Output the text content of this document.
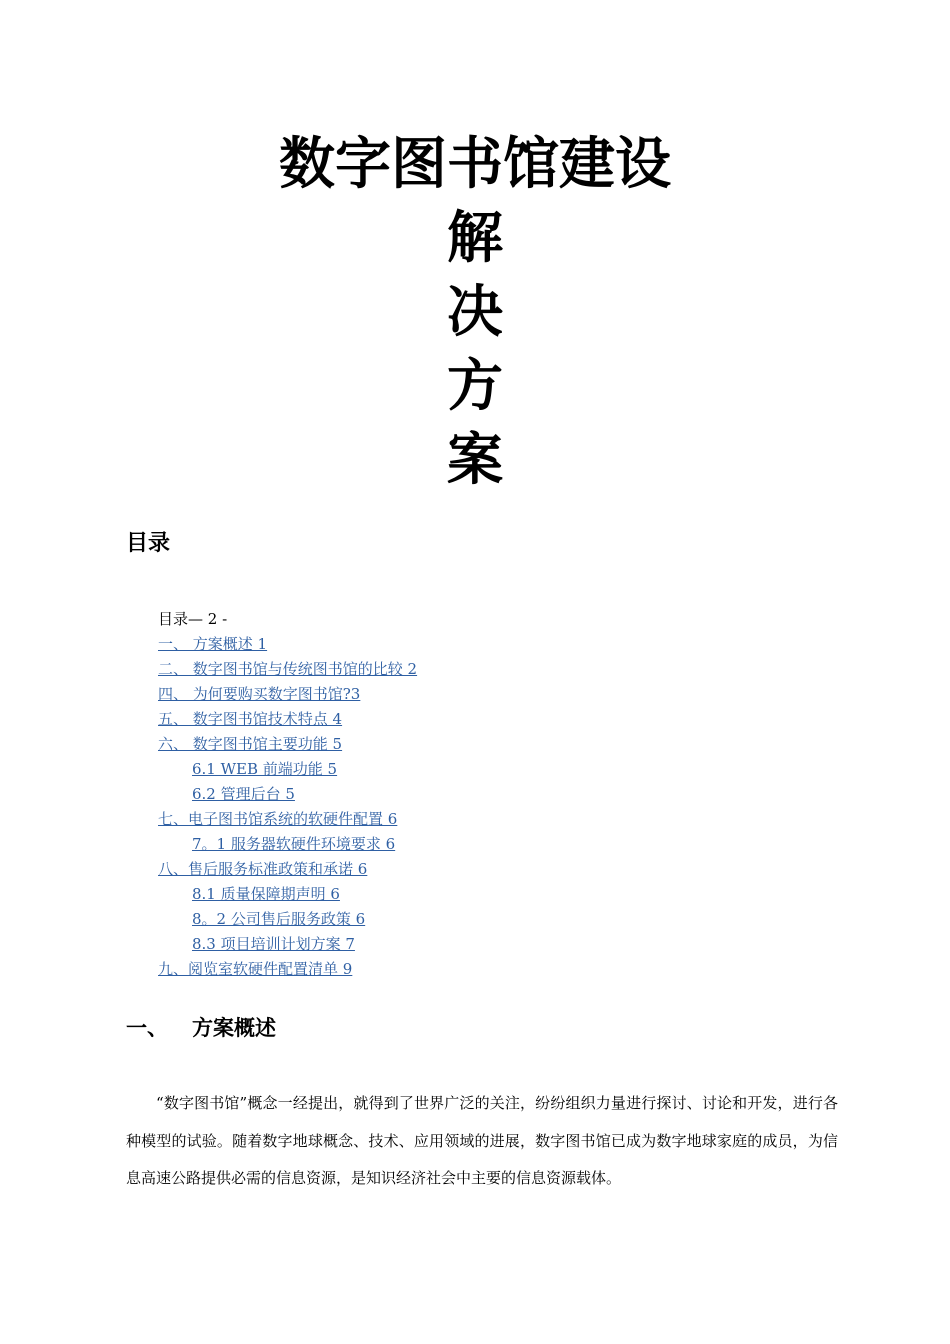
数字图书馆建设
解
决
方
案
目录
目录— 2 -
一、 方案概述 1
二、 数字图书馆与传统图书馆的比较 2
四、 为何要购买数字图书馆?3
五、 数字图书馆技术特点 4
六、 数字图书馆主要功能 5
6.1 WEB 前端功能 5
6.2 管理后台 5
七、电子图书馆系统的软硬件配置 6
7。1 服务器软硬件环境要求 6
八、售后服务标准政策和承诺 6
8.1 质量保障期声明 6
8。2 公司售后服务政策 6
8.3 项目培训计划方案 7
九、阅览室软硬件配置清单 9
一、 方案概述
“数字图书馆”概念一经提出，就得到了世界广泛的关注，纷纷组织力量进行探讨、讨论和开发，进行各种模型的试验。随着数字地球概念、技术、应用领域的进展，数字图书馆已成为数字地球家庭的成员，为信息高速公路提供必需的信息资源，是知识经济社会中主要的信息资源载体。
